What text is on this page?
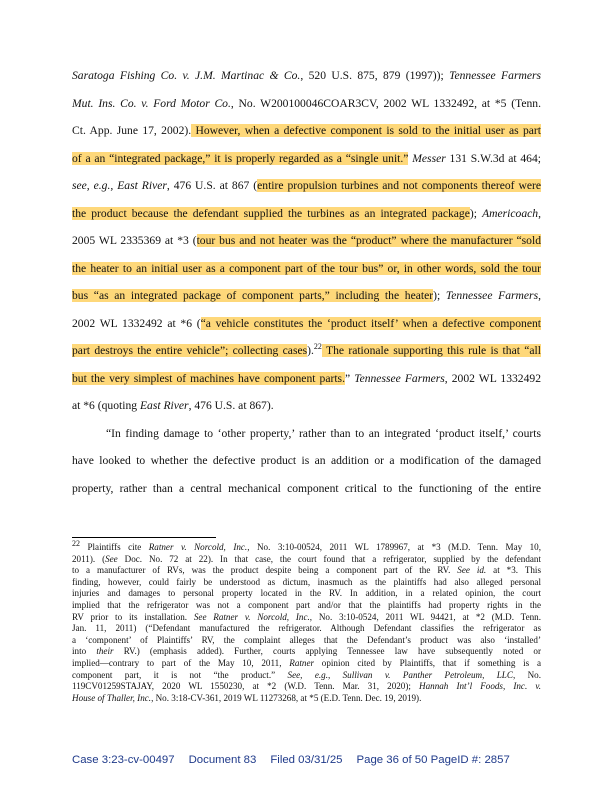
Saratoga Fishing Co. v. J.M. Martinac & Co., 520 U.S. 875, 879 (1997)); Tennessee Farmers
Mut. Ins. Co. v. Ford Motor Co., No. W200100046COAR3CV, 2002 WL 1332492, at *5 (Tenn.
Ct. App. June 17, 2002). However, when a defective component is sold to the initial user as part
of a an “integrated package,” it is properly regarded as a “single unit.” Messer 131 S.W.3d at 464;
see, e.g., East River, 476 U.S. at 867 (entire propulsion turbines and not components thereof were
the product because the defendant supplied the turbines as an integrated package); Americoach,
2005 WL 2335369 at *3 (tour bus and not heater was the “product” where the manufacturer “sold
the heater to an initial user as a component part of the tour bus” or, in other words, sold the tour
bus “as an integrated package of component parts,” including the heater); Tennessee Farmers,
2002 WL 1332492 at *6 (“a vehicle constitutes the ‘product itself’ when a defective component
part destroys the entire vehicle”; collecting cases).$^{22}$ The rationale supporting this rule is that “all
but the very simplest of machines have component parts.” Tennessee Farmers, 2002 WL 1332492
at *6 (quoting East River, 476 U.S. at 867).
“In finding damage to ‘other property,’ rather than to an integrated ‘product itself,’ courts
have looked to whether the defective product is an addition or a modification of the damaged
property, rather than a central mechanical component critical to the functioning of the entire
$^{22}$ Plaintiffs cite Ratner v. Norcold, Inc., No. 3:10-00524, 2011 WL 1789967, at *3 (M.D. Tenn. May 10,
2011). (See Doc. No. 72 at 22). In that case, the court found that a refrigerator, supplied by the defendant
to a manufacturer of RVs, was the product despite being a component part of the RV. See id. at *3. This
finding, however, could fairly be understood as dictum, inasmuch as the plaintiffs had also alleged personal
injuries and damages to personal property located in the RV. In addition, in a related opinion, the court
implied that the refrigerator was not a component part and/or that the plaintiffs had property rights in the
RV prior to its installation. See Ratner v. Norcold, Inc., No. 3:10-0524, 2011 WL 94421, at *2 (M.D. Tenn.
Jan. 11, 2011) (“Defendant manufactured the refrigerator. Although Defendant classifies the refrigerator as
a ‘component’ of Plaintiffs’ RV, the complaint alleges that the Defendant’s product was also ‘installed’
into their RV.) (emphasis added). Further, courts applying Tennessee law have subsequently noted or
implied—contrary to part of the May 10, 2011, Ratner opinion cited by Plaintiffs, that if something is a
component part, it is not “the product.” See, e.g., Sullivan v. Panther Petroleum, LLC, No.
119CV01259STAJAY, 2020 WL 1550230, at *2 (W.D. Tenn. Mar. 31, 2020); Hannah Int’l Foods, Inc. v.
House of Thaller, Inc., No. 3:18-CV-361, 2019 WL 11273268, at *5 (E.D. Tenn. Dec. 19, 2019).
Case 3:23-cv-00497 Document 83 Filed 03/31/25 Page 36 of 50 PageID #: 2857
